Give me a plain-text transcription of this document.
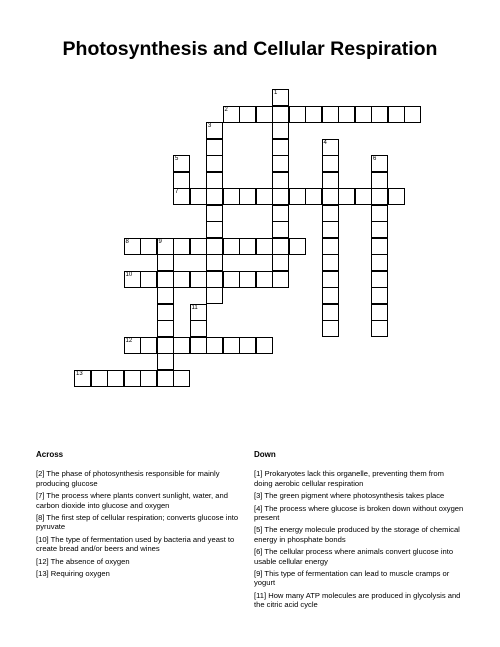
Photosynthesis and Cellular Respiration
1
2
3
4
5
7
6
8	9
10
11
12
13
Across
[2] The phase of photosynthesis responsible for mainly producing glucose
[7] The process where plants convert sunlight, water, and carbon dioxide into glucose and oxygen
[8] The first step of cellular respiration; converts glucose into pyruvate
[10] The type of fermentation used by bacteria and yeast to create bread and/or beers and wines
[12] The absence of oxygen
[13] Requiring oxygen
Down
[1] Prokaryotes lack this organelle, preventing them from doing aerobic cellular respiration
[3] The green pigment where photosynthesis takes place
[4] The process where glucose is broken down without oxygen present
[5] The energy molecule produced by the storage of chemical energy in phosphate bonds
[6] The cellular process where animals convert glucose into usable cellular energy
[9] This type of fermentation can lead to muscle cramps or yogurt
[11] How many ATP molecules are produced in glycolysis and the citric acid cycle
